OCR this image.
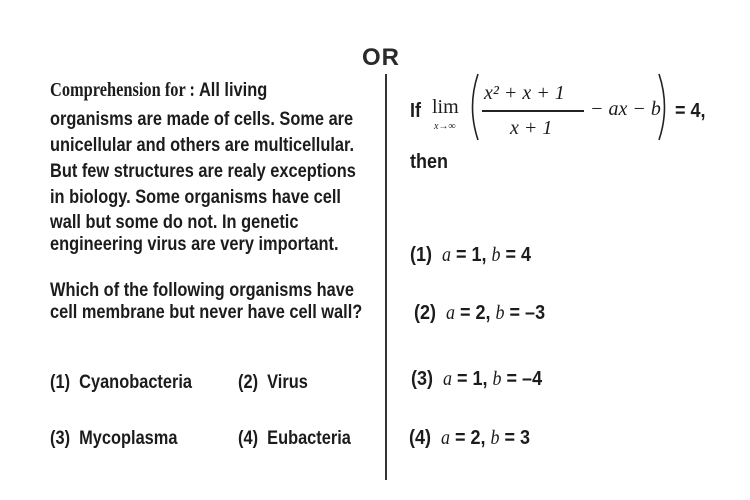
OR
Comprehension for : All living
organisms are made of cells. Some are
unicellular and others are multicellular.
But few structures are realy exceptions
in biology. Some organisms have cell
wall but some do not. In genetic
engineering virus are very important.
Which of the following organisms have
cell membrane but never have cell wall?
(1) Cyanobacteria (2) Virus
(3) Mycoplasma	(4) Eubacteria
If lim
x→∞
x² + x + 1
x + 1
− ax − b = 4,
then
(1) a = 1, b = 4
(2) a = 2, b = –3
(3) a = 1, b = –4
(4) a = 2, b = 3
